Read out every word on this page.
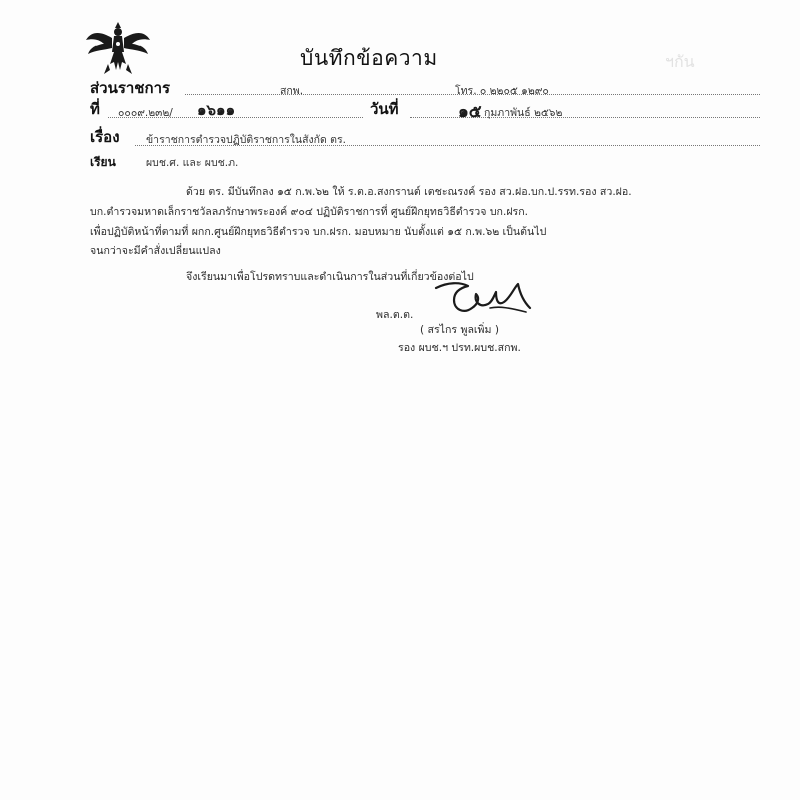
บันทึกข้อความ	ฯกัน
ส่วนราชการ	สกพ.	โทร. ๐ ๒๒๐๕ ๑๒๙๐
ที่ ๐๐๐๙.๒๓๒/ ๑๖๑๑	วันที่	๑๕ กุมภาพันธ์ ๒๕๖๒
เรื่อง	ข้าราชการตำรวจปฏิบัติราชการในสังกัด ตร.
เรียน	ผบช.ศ. และ ผบช.ภ.
ด้วย ตร. มีบันทึกลง ๑๕ ก.พ.๖๒ ให้ ร.ต.อ.สงกรานต์ เตชะณรงค์ รอง สว.ฝอ.บก.ป.รรท.รอง สว.ฝอ.
บก.ตำรวจมหาดเล็กราชวัลลภรักษาพระองค์ ๙๐๔ ปฏิบัติราชการที่ ศูนย์ฝึกยุทธวิธีตำรวจ บก.ฝรก.
เพื่อปฏิบัติหน้าที่ตามที่ ผกก.ศูนย์ฝึกยุทธวิธีตำรวจ บก.ฝรก. มอบหมาย นับตั้งแต่ ๑๕ ก.พ.๖๒ เป็นต้นไป
จนกว่าจะมีคำสั่งเปลี่ยนแปลง
จึงเรียนมาเพื่อโปรดทราบและดำเนินการในส่วนที่เกี่ยวข้องต่อไป
พล.ต.ต.
( สรไกร พูลเพิ่ม )
รอง ผบช.ฯ ปรท.ผบช.สกพ.
